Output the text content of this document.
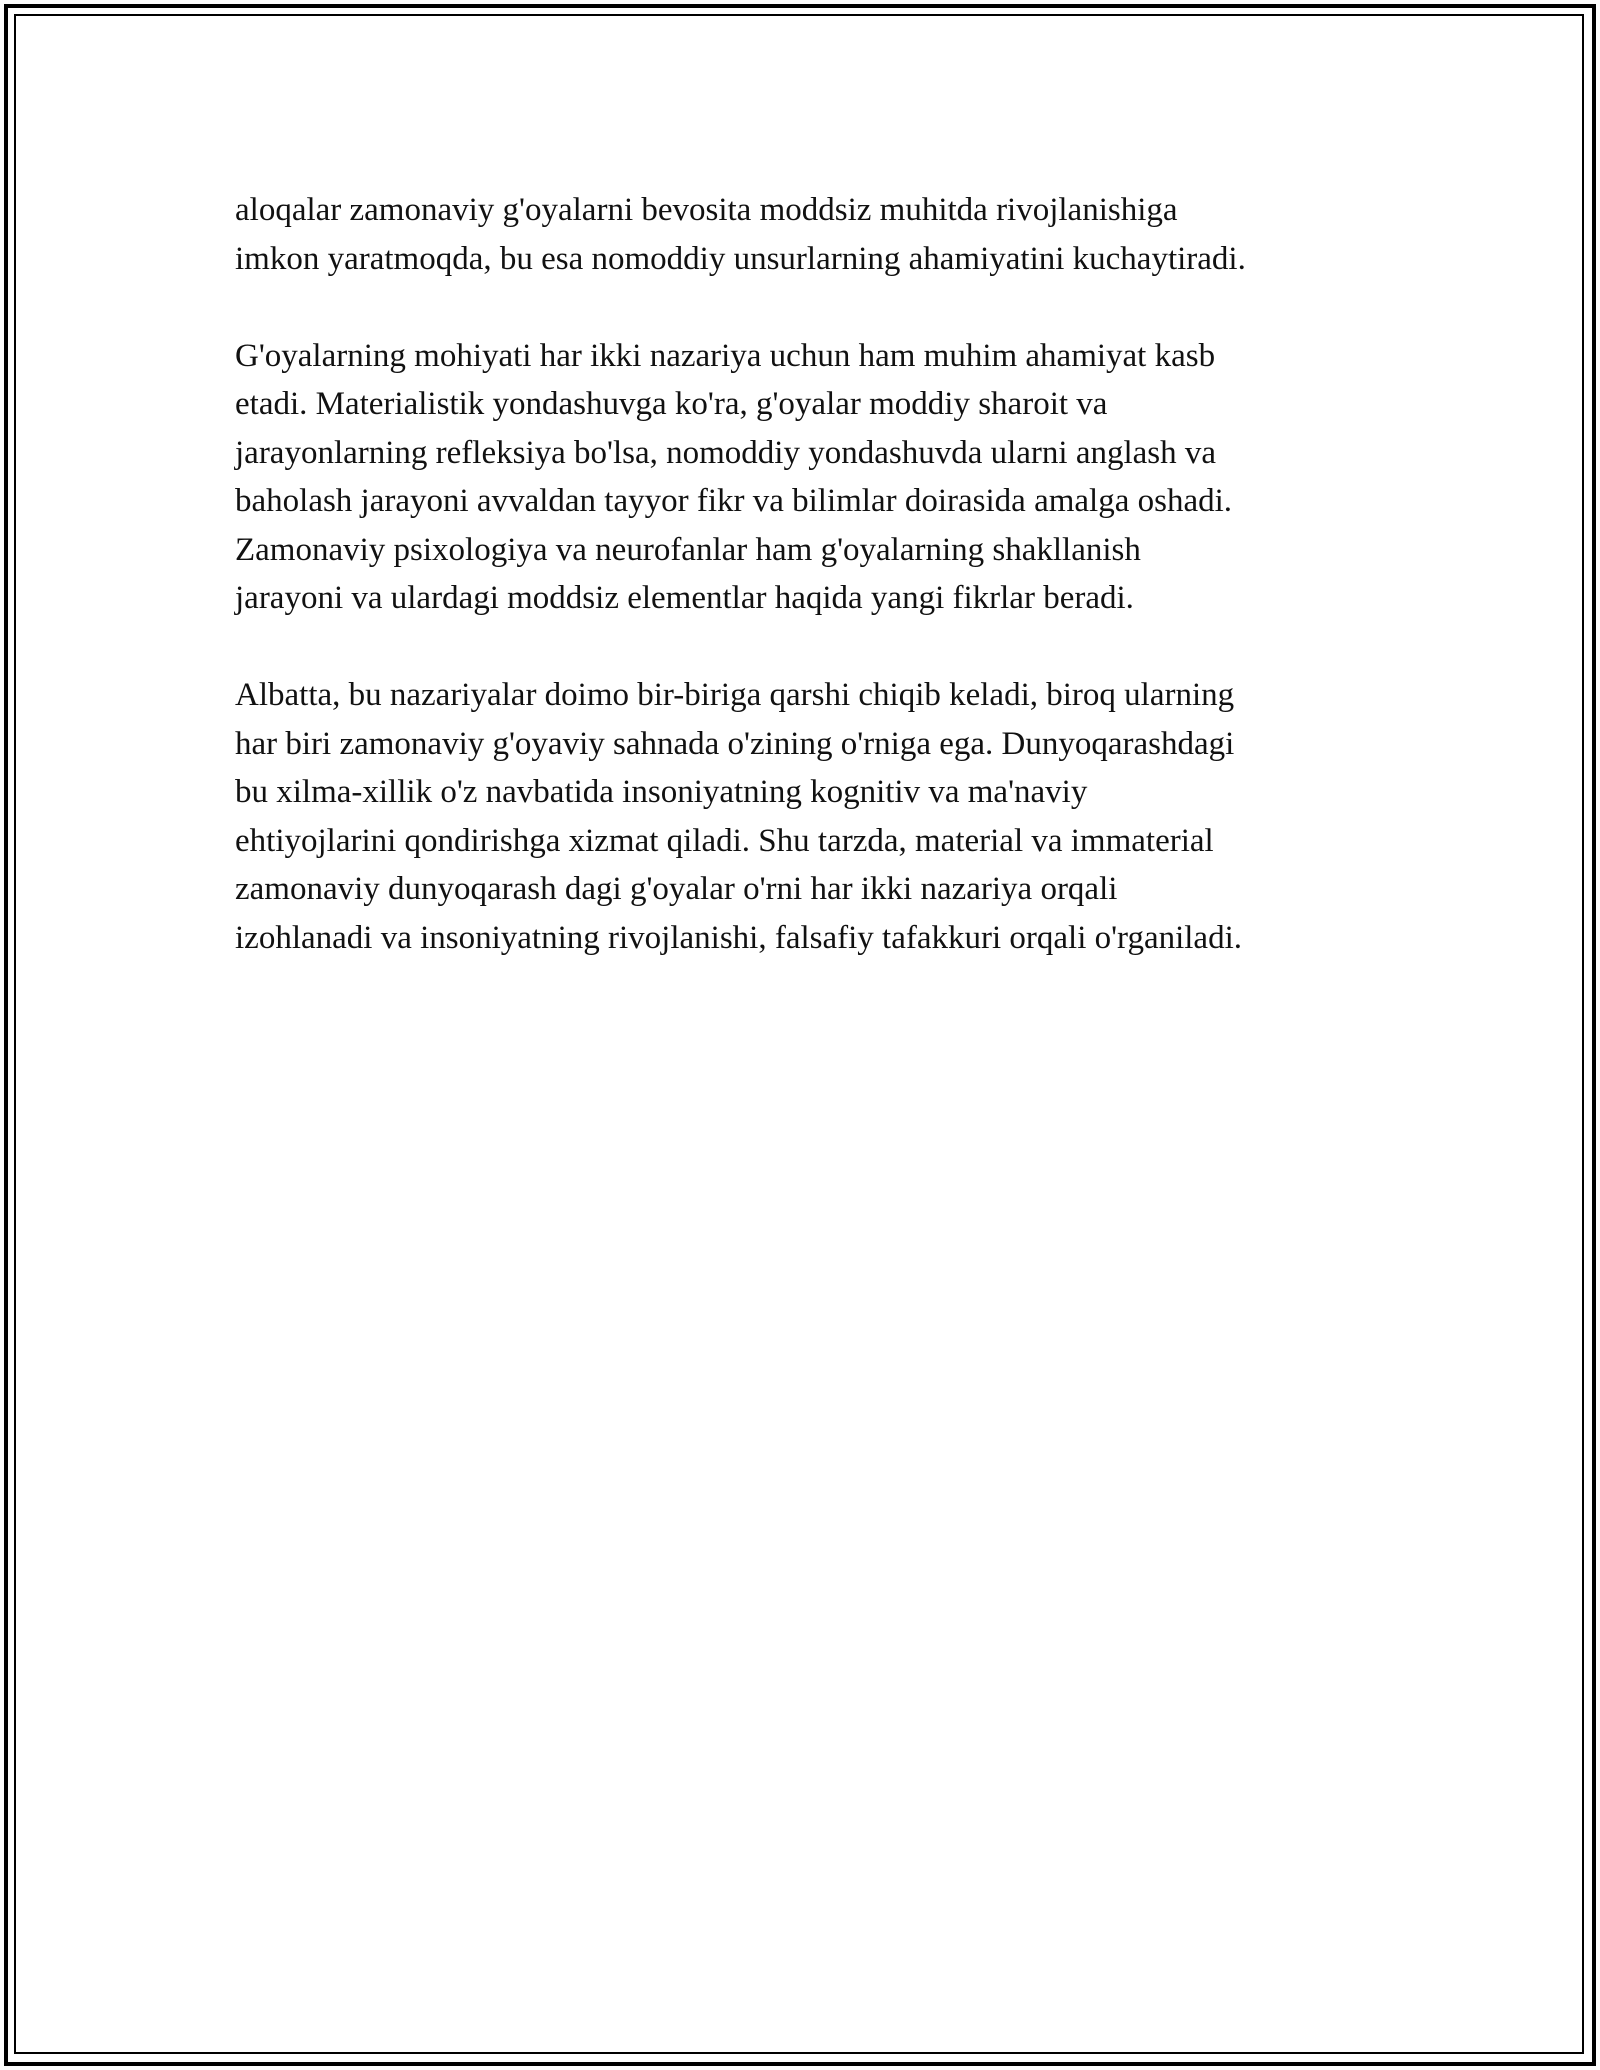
aloqalar zamonaviy g'oyalarni bevosita moddsiz muhitda rivojlanishiga
imkon yaratmoqda, bu esa nomoddiy unsurlarning ahamiyatini kuchaytiradi.

G'oyalarning mohiyati har ikki nazariya uchun ham muhim ahamiyat kasb
etadi. Materialistik yondashuvga ko'ra, g'oyalar moddiy sharoit va
jarayonlarning refleksiya bo'lsa, nomoddiy yondashuvda ularni anglash va
baholash jarayoni avvaldan tayyor fikr va bilimlar doirasida amalga oshadi.
Zamonaviy psixologiya va neurofanlar ham g'oyalarning shakllanish
jarayoni va ulardagi moddsiz elementlar haqida yangi fikrlar beradi.

Albatta, bu nazariyalar doimo bir-biriga qarshi chiqib keladi, biroq ularning
har biri zamonaviy g'oyaviy sahnada o'zining o'rniga ega. Dunyoqarashdagi
bu xilma-xillik o'z navbatida insoniyatning kognitiv va ma'naviy
ehtiyojlarini qondirishga xizmat qiladi. Shu tarzda, material va immaterial
zamonaviy dunyoqarash dagi g'oyalar o'rni har ikki nazariya orqali
izohlanadi va insoniyatning rivojlanishi, falsafiy tafakkuri orqali o'rganiladi.
